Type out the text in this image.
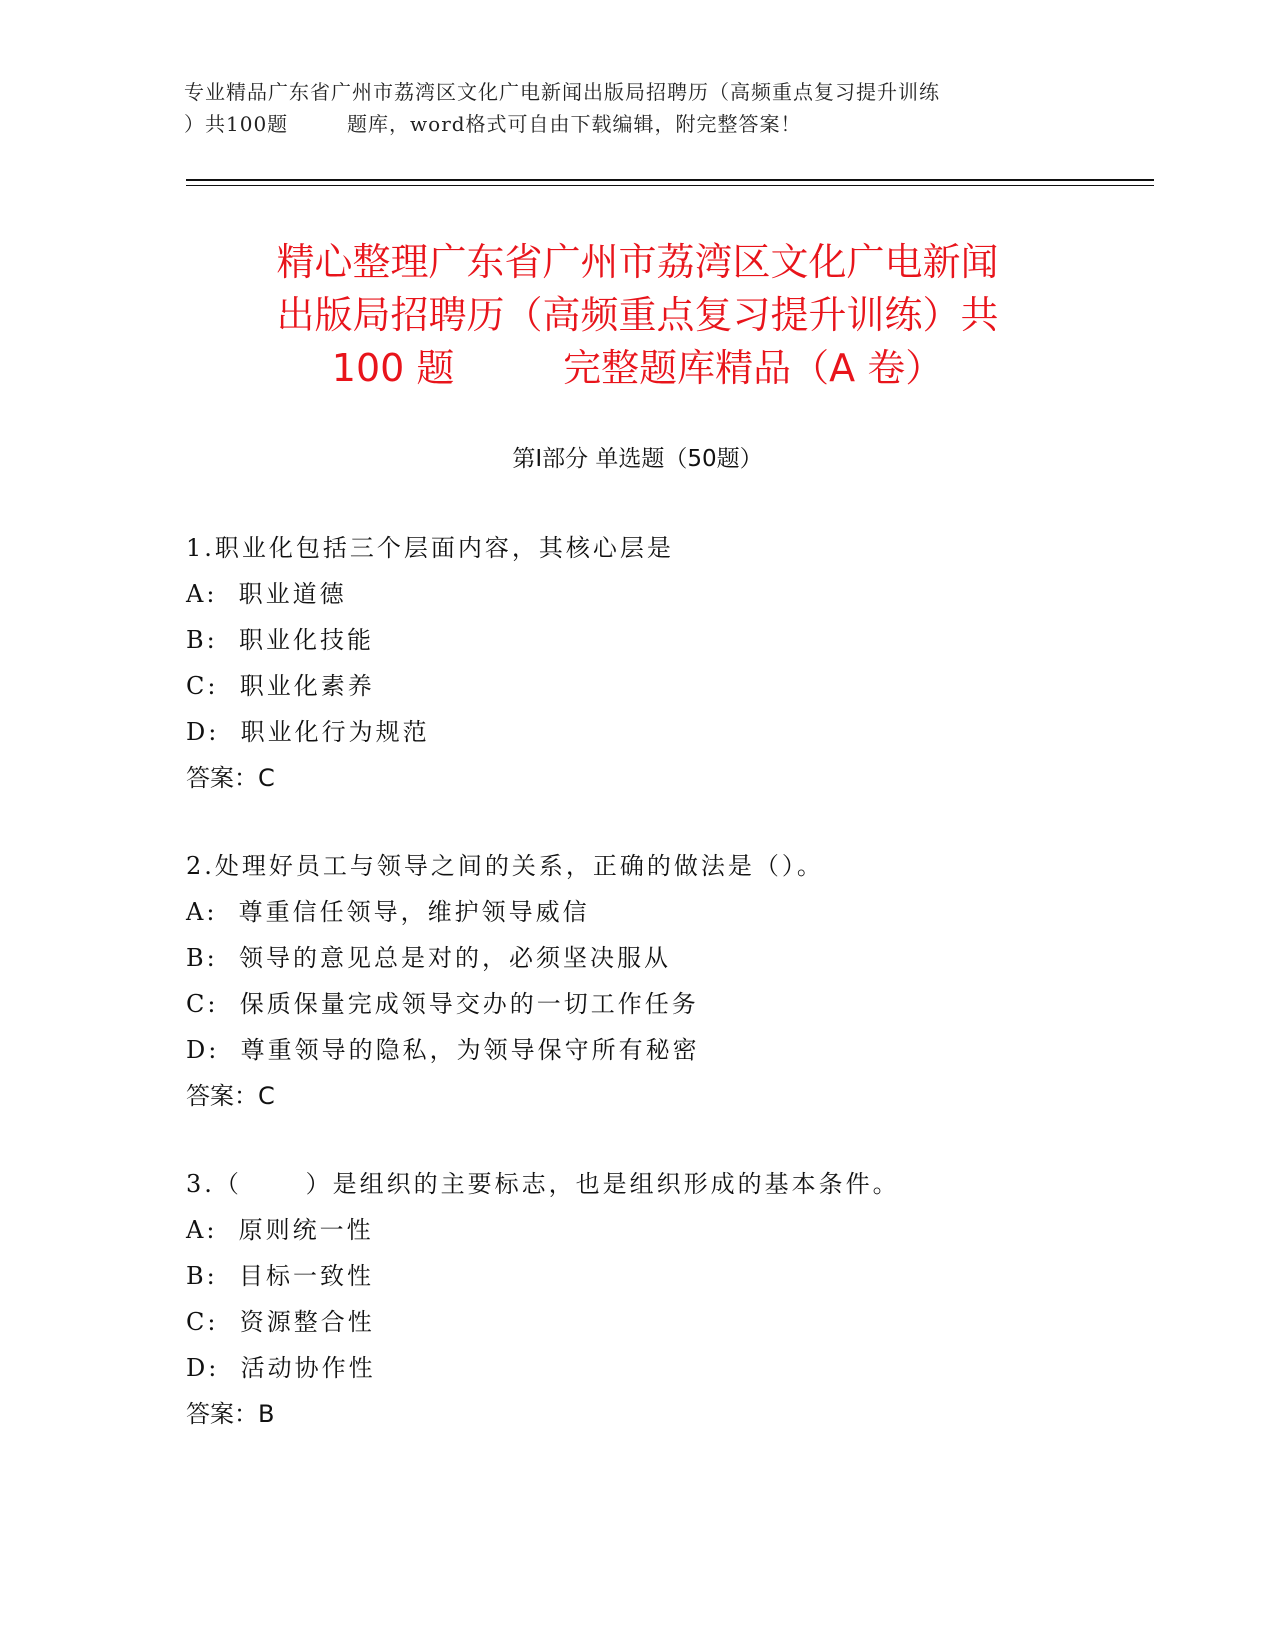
专业精品广东省广州市荔湾区文化广电新闻出版局招聘历（高频重点复习提升训练
）共100题        题库，word格式可自由下载编辑，附完整答案！
精心整理广东省广州市荔湾区文化广电新闻
出版局招聘历（高频重点复习提升训练）共
100 题         完整题库精品（A 卷）
第Ⅰ部分 单选题（50题）
1.职业化包括三个层面内容，其核心层是
A:  职业道德
B:  职业化技能
C:  职业化素养
D:  职业化行为规范
答案：C
2.处理好员工与领导之间的关系，正确的做法是（）。
A:  尊重信任领导，维护领导威信
B:  领导的意见总是对的，必须坚决服从
C:  保质保量完成领导交办的一切工作任务
D:  尊重领导的隐私，为领导保守所有秘密
答案：C
3.（      ）是组织的主要标志，也是组织形成的基本条件。
A:  原则统一性
B:  目标一致性
C:  资源整合性
D:  活动协作性
答案：B
